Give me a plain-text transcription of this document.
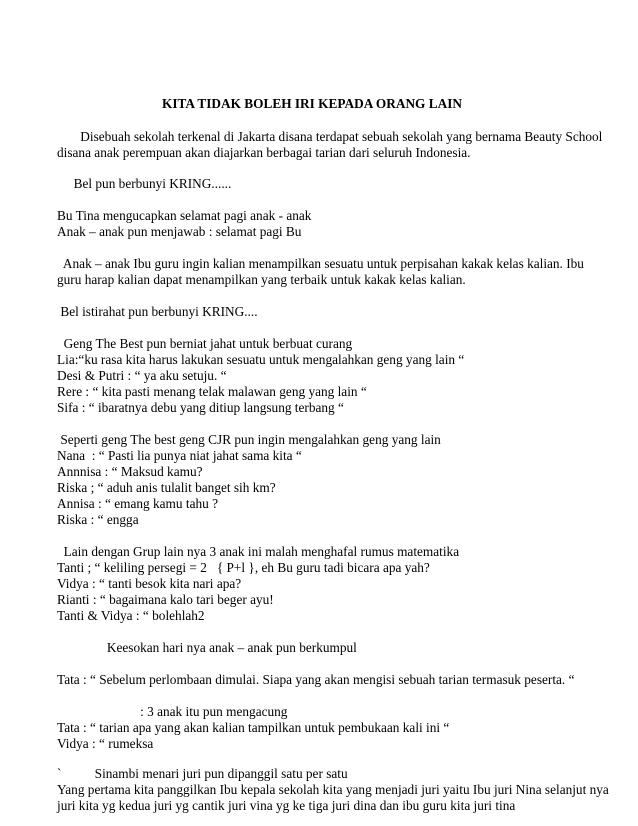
KITA TIDAK BOLEH IRI KEPADA ORANG LAIN
Disebuah sekolah terkenal di Jakarta disana terdapat sebuah sekolah yang bernama Beauty School
disana anak perempuan akan diajarkan berbagai tarian dari seluruh Indonesia.
Bel pun berbunyi KRING......
Bu Tina mengucapkan selamat pagi anak - anak
Anak – anak pun menjawab : selamat pagi Bu
Anak – anak Ibu guru ingin kalian menampilkan sesuatu untuk perpisahan kakak kelas kalian. Ibu
guru harap kalian dapat menampilkan yang terbaik untuk kakak kelas kalian.
Bel istirahat pun berbunyi KRING....
Geng The Best pun berniat jahat untuk berbuat curang
Lia:“ku rasa kita harus lakukan sesuatu untuk mengalahkan geng yang lain “
Desi & Putri : “ ya aku setuju. “
Rere : “ kita pasti menang telak malawan geng yang lain “
Sifa : “ ibaratnya debu yang ditiup langsung terbang “
Seperti geng The best geng CJR pun ingin mengalahkan geng yang lain
Nana  : “ Pasti lia punya niat jahat sama kita “
Annnisa : “ Maksud kamu?
Riska ; “ aduh anis tulalit banget sih km?
Annisa : “ emang kamu tahu ?
Riska : “ engga
Lain dengan Grup lain nya 3 anak ini malah menghafal rumus matematika
Tanti ; “ keliling persegi = 2   { P+l }, eh Bu guru tadi bicara apa yah?
Vidya : “ tanti besok kita nari apa?
Rianti : “ bagaimana kalo tari beger ayu!
Tanti & Vidya : “ bolehlah2
Keesokan hari nya anak – anak pun berkumpul
Tata : “ Sebelum perlombaan dimulai. Siapa yang akan mengisi sebuah tarian termasuk peserta. “
: 3 anak itu pun mengacung
Tata : “ tarian apa yang akan kalian tampilkan untuk pembukaan kali ini “
Vidya : “ rumeksa
`          Sinambi menari juri pun dipanggil satu per satu
Yang pertama kita panggilkan Ibu kepala sekolah kita yang menjadi juri yaitu Ibu juri Nina selanjut nya
juri kita yg kedua juri yg cantik juri vina yg ke tiga juri dina dan ibu guru kita juri tina
